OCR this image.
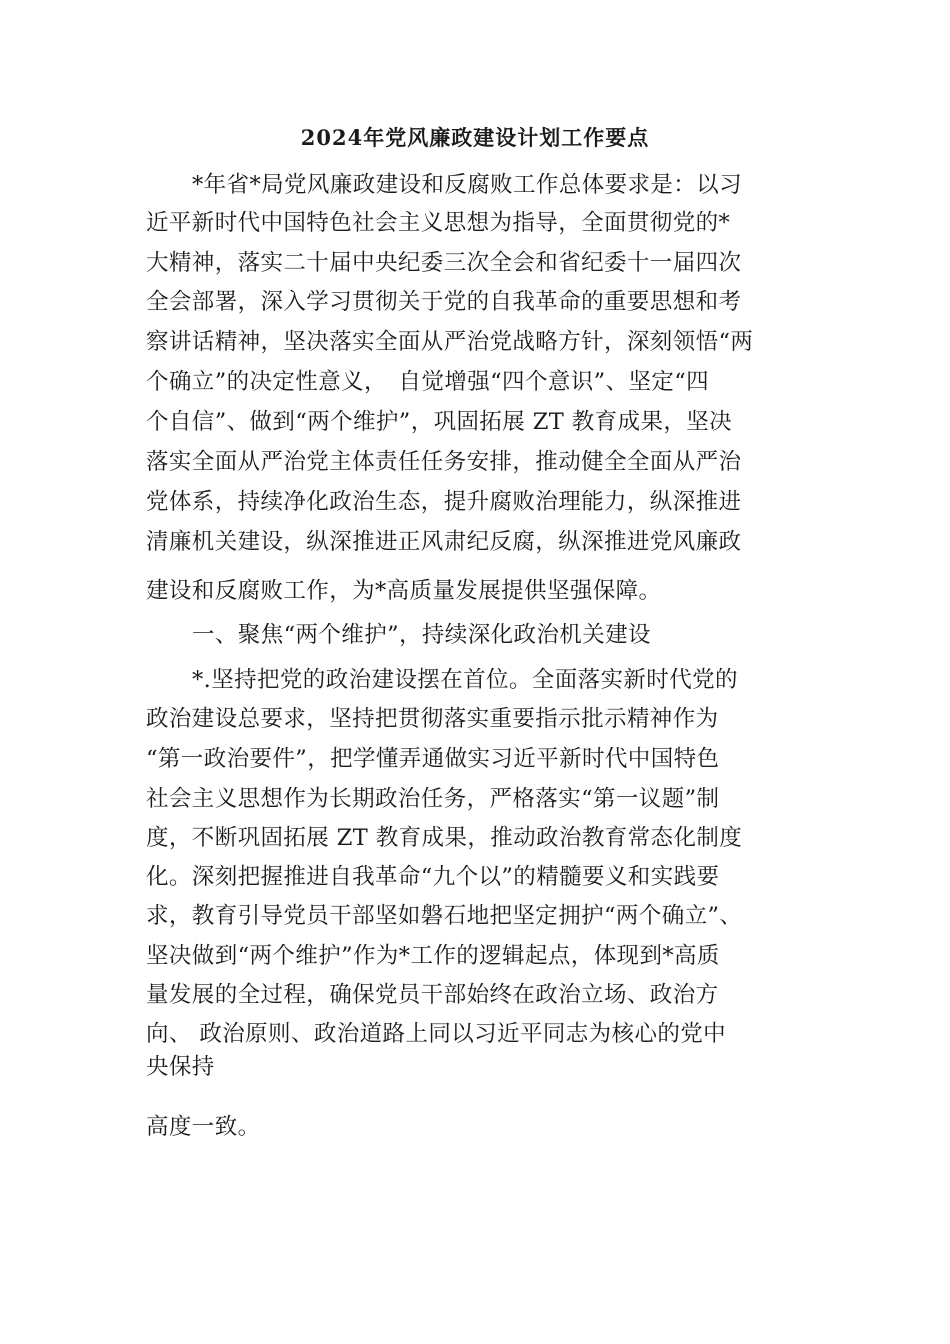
2024年党风廉政建设计划工作要点
*年省*局党风廉政建设和反腐败工作总体要求是：以习
近平新时代中国特色社会主义思想为指导，全面贯彻党的*
大精神，落实二十届中央纪委三次全会和省纪委十一届四次
全会部署，深入学习贯彻关于党的自我革命的重要思想和考
察讲话精神，坚决落实全面从严治党战略方针，深刻领悟“两
个确立”的决定性意义，　自觉增强“四个意识”、坚定“四
个自信”、做到“两个维护”，巩固拓展 ZT 教育成果，坚决
落实全面从严治党主体责任任务安排，推动健全全面从严治
党体系，持续净化政治生态，提升腐败治理能力，纵深推进
清廉机关建设，纵深推进正风肃纪反腐，纵深推进党风廉政
建设和反腐败工作，为*高质量发展提供坚强保障。
一、聚焦“两个维护”，持续深化政治机关建设
*.坚持把党的政治建设摆在首位。全面落实新时代党的
政治建设总要求，坚持把贯彻落实重要指示批示精神作为
“第一政治要件”，把学懂弄通做实习近平新时代中国特色
社会主义思想作为长期政治任务，严格落实“第一议题”制
度，不断巩固拓展 ZT 教育成果，推动政治教育常态化制度
化。深刻把握推进自我革命“九个以”的精髓要义和实践要
求，教育引导党员干部坚如磐石地把坚定拥护“两个确立”、
坚决做到“两个维护”作为*工作的逻辑起点，体现到*高质
量发展的全过程，确保党员干部始终在政治立场、政治方
向、 政治原则、政治道路上同以习近平同志为核心的党中
央保持
高度一致。
